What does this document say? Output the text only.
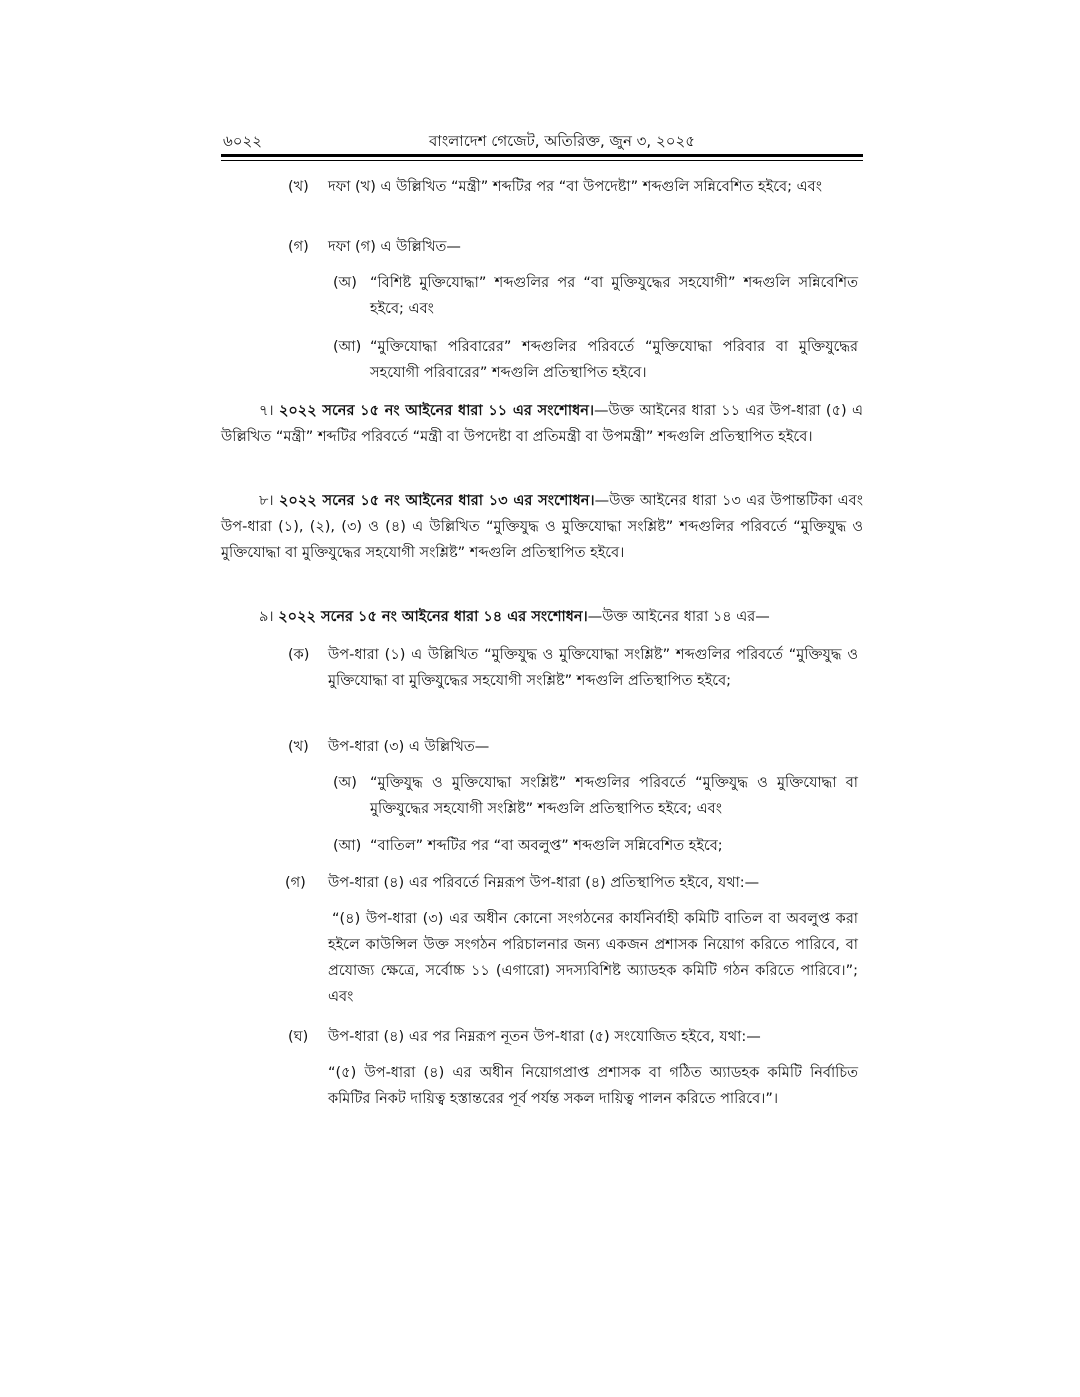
৬০২২	বাংলাদেশ গেজেট, অতিরিক্ত, জুন ৩, ২০২৫
(খ) দফা (খ) এ উল্লিখিত “মন্ত্রী” শব্দটির পর “বা উপদেষ্টা” শব্দগুলি সন্নিবেশিত হইবে; এবং
(গ) দফা (গ) এ উল্লিখিত—
(অ) “বিশিষ্ট মুক্তিযোদ্ধা” শব্দগুলির পর “বা মুক্তিযুদ্ধের সহযোগী” শব্দগুলি সন্নিবেশিত হইবে; এবং
(আ) “মুক্তিযোদ্ধা পরিবারের” শব্দগুলির পরিবর্তে “মুক্তিযোদ্ধা পরিবার বা মুক্তিযুদ্ধের সহযোগী পরিবারের” শব্দগুলি প্রতিস্থাপিত হইবে।
৭। ২০২২ সনের ১৫ নং আইনের ধারা ১১ এর সংশোধন।—উক্ত আইনের ধারা ১১ এর উপ-ধারা (৫) এ উল্লিখিত “মন্ত্রী” শব্দটির পরিবর্তে “মন্ত্রী বা উপদেষ্টা বা প্রতিমন্ত্রী বা উপমন্ত্রী” শব্দগুলি প্রতিস্থাপিত হইবে।
৮। ২০২২ সনের ১৫ নং আইনের ধারা ১৩ এর সংশোধন।—উক্ত আইনের ধারা ১৩ এর উপান্তটিকা এবং উপ-ধারা (১), (২), (৩) ও (৪) এ উল্লিখিত “মুক্তিযুদ্ধ ও মুক্তিযোদ্ধা সংশ্লিষ্ট” শব্দগুলির পরিবর্তে “মুক্তিযুদ্ধ ও মুক্তিযোদ্ধা বা মুক্তিযুদ্ধের সহযোগী সংশ্লিষ্ট” শব্দগুলি প্রতিস্থাপিত হইবে।
৯। ২০২২ সনের ১৫ নং আইনের ধারা ১৪ এর সংশোধন।—উক্ত আইনের ধারা ১৪ এর—
(ক) উপ-ধারা (১) এ উল্লিখিত “মুক্তিযুদ্ধ ও মুক্তিযোদ্ধা সংশ্লিষ্ট” শব্দগুলির পরিবর্তে “মুক্তিযুদ্ধ ও মুক্তিযোদ্ধা বা মুক্তিযুদ্ধের সহযোগী সংশ্লিষ্ট” শব্দগুলি প্রতিস্থাপিত হইবে;
(খ) উপ-ধারা (৩) এ উল্লিখিত—
(অ) “মুক্তিযুদ্ধ ও মুক্তিযোদ্ধা সংশ্লিষ্ট” শব্দগুলির পরিবর্তে “মুক্তিযুদ্ধ ও মুক্তিযোদ্ধা বা মুক্তিযুদ্ধের সহযোগী সংশ্লিষ্ট” শব্দগুলি প্রতিস্থাপিত হইবে; এবং
(আ) “বাতিল” শব্দটির পর “বা অবলুপ্ত” শব্দগুলি সন্নিবেশিত হইবে;
(গ) উপ-ধারা (৪) এর পরিবর্তে নিম্নরূপ উপ-ধারা (৪) প্রতিস্থাপিত হইবে, যথা:—
“(৪) উপ-ধারা (৩) এর অধীন কোনো সংগঠনের কার্যনির্বাহী কমিটি বাতিল বা অবলুপ্ত করা হইলে কাউন্সিল উক্ত সংগঠন পরিচালনার জন্য একজন প্রশাসক নিয়োগ করিতে পারিবে, বা প্রযোজ্য ক্ষেত্রে, সর্বোচ্চ ১১ (এগারো) সদস্যবিশিষ্ট অ্যাডহক কমিটি গঠন করিতে পারিবে।”; এবং
(ঘ) উপ-ধারা (৪) এর পর নিম্নরূপ নূতন উপ-ধারা (৫) সংযোজিত হইবে, যথা:—
“(৫) উপ-ধারা (৪) এর অধীন নিয়োগপ্রাপ্ত প্রশাসক বা গঠিত অ্যাডহক কমিটি নির্বাচিত কমিটির নিকট দায়িত্ব হস্তান্তরের পূর্ব পর্যন্ত সকল দায়িত্ব পালন করিতে পারিবে।”।
